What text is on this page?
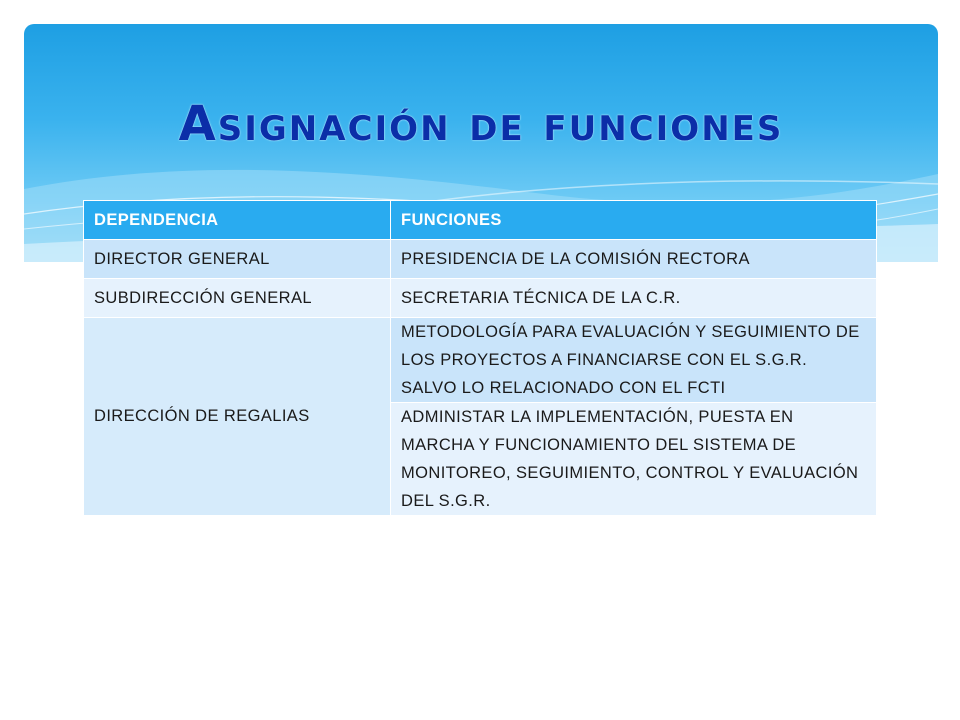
Asignación de funciones
DEPENDENCIA	FUNCIONES
DIRECTOR GENERAL	PRESIDENCIA DE LA COMISIÓN RECTORA
SUBDIRECCIÓN GENERAL	SECRETARIA TÉCNICA DE LA C.R.
DIRECCIÓN DE REGALIAS	METODOLOGÍA PARA EVALUACIÓN Y SEGUIMIENTO DE LOS PROYECTOS A FINANCIARSE CON EL S.G.R. SALVO LO RELACIONADO CON EL FCTI
	ADMINISTAR LA IMPLEMENTACIÓN, PUESTA EN MARCHA Y FUNCIONAMIENTO DEL SISTEMA DE MONITOREO, SEGUIMIENTO, CONTROL Y EVALUACIÓN DEL S.G.R.
